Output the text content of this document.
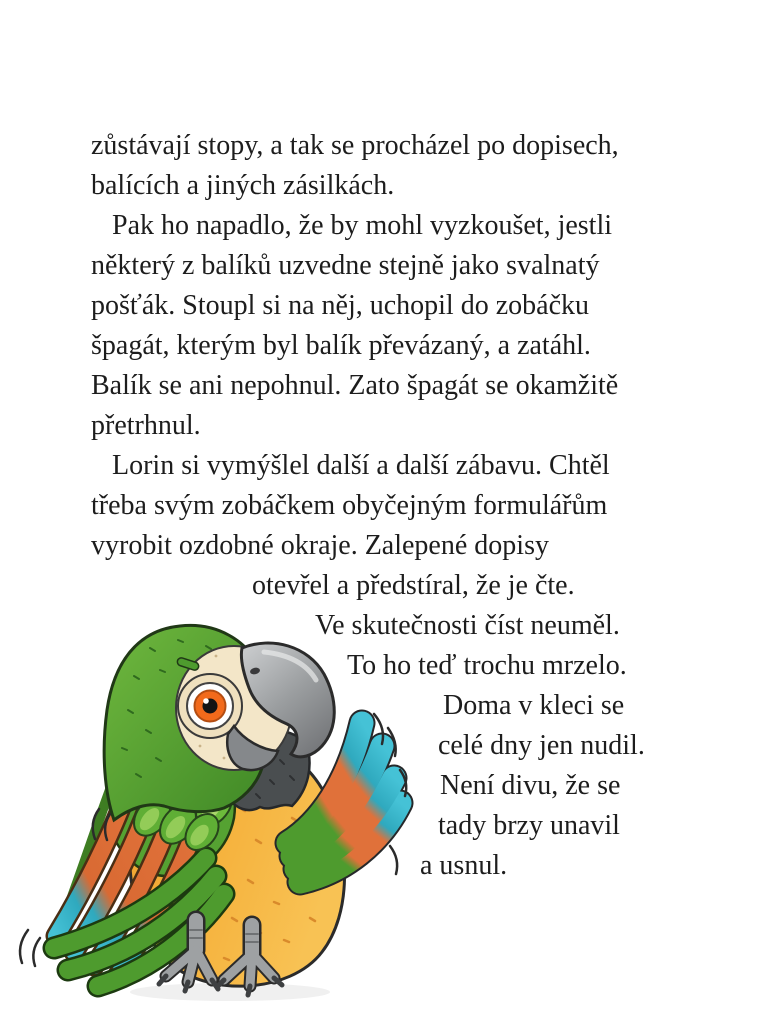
zůstávají stopy, a tak se procházel po dopisech,
balících a jiných zásilkách.
Pak ho napadlo, že by mohl vyzkoušet, jestli
některý z balíků uzvedne stejně jako svalnatý
pošťák. Stoupl si na něj, uchopil do zobáčku
špagát, kterým byl balík převázaný, a zatáhl.
Balík se ani nepohnul. Zato špagát se okamžitě
přetrhnul.
Lorin si vymýšlel další a další zábavu. Chtěl
třeba svým zobáčkem obyčejným formulářům
vyrobit ozdobné okraje. Zalepené dopisy
otevřel a předstíral, že je čte.
Ve skutečnosti číst neuměl.
To ho teď trochu mrzelo.
Doma v kleci se
celé dny jen nudil.
Není divu, že se
tady brzy unavil
a usnul.
